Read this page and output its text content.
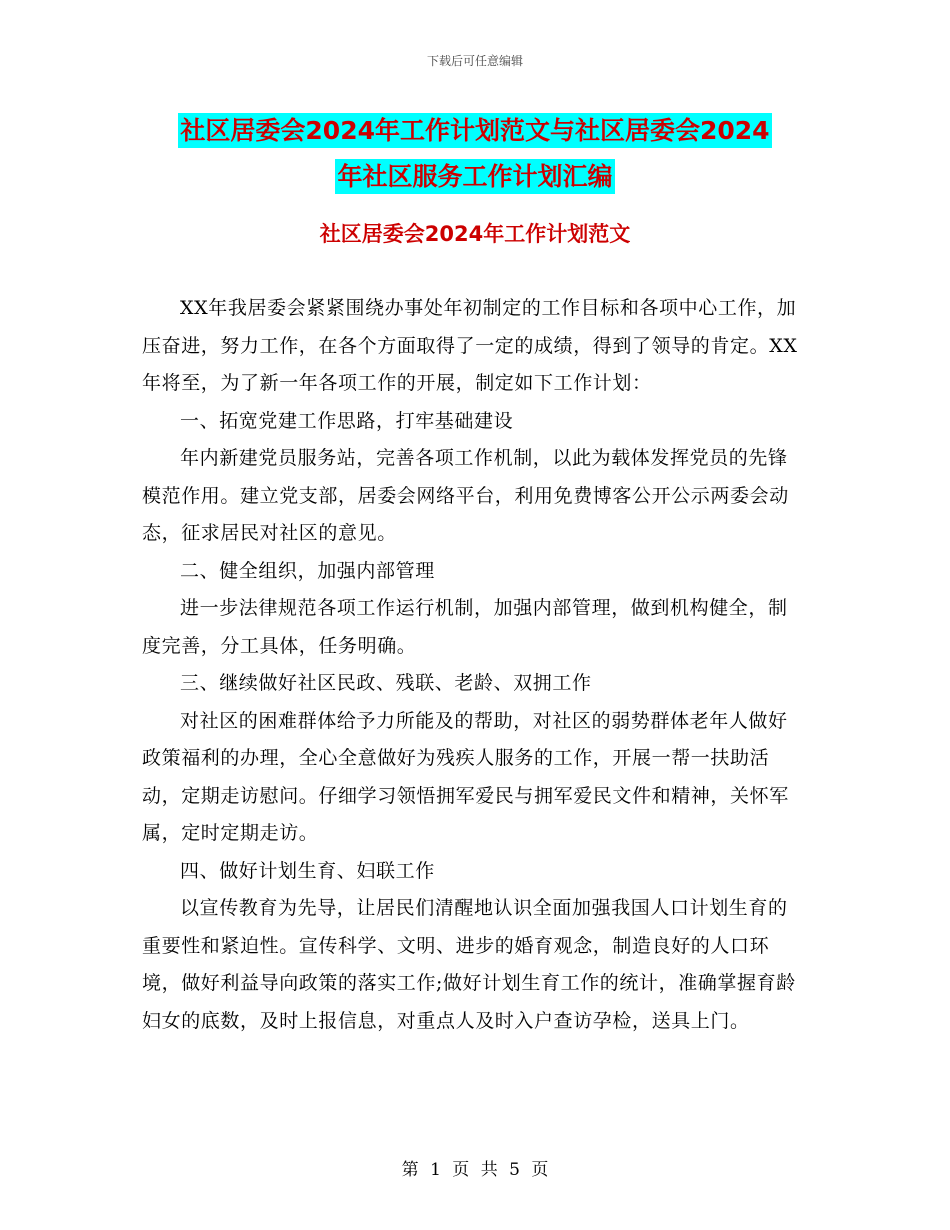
下载后可任意编辑
社区居委会2024年工作计划范文与社区居委会2024
年社区服务工作计划汇编
社区居委会2024年工作计划范文

XX年我居委会紧紧围绕办事处年初制定的工作目标和各项中心工作，加压奋进，努力工作，在各个方面取得了一定的成绩，得到了领导的肯定。XX年将至，为了新一年各项工作的开展，制定如下工作计划：

一、拓宽党建工作思路，打牢基础建设

年内新建党员服务站，完善各项工作机制，以此为载体发挥党员的先锋模范作用。建立党支部，居委会网络平台，利用免费博客公开公示两委会动态，征求居民对社区的意见。

二、健全组织，加强内部管理

进一步法律规范各项工作运行机制，加强内部管理，做到机构健全，制度完善，分工具体，任务明确。

三、继续做好社区民政、残联、老龄、双拥工作

对社区的困难群体给予力所能及的帮助，对社区的弱势群体老年人做好政策福利的办理，全心全意做好为残疾人服务的工作，开展一帮一扶助活动，定期走访慰问。仔细学习领悟拥军爱民与拥军爱民文件和精神，关怀军属，定时定期走访。

四、做好计划生育、妇联工作

以宣传教育为先导，让居民们清醒地认识全面加强我国人口计划生育的重要性和紧迫性。宣传科学、文明、进步的婚育观念，制造良好的人口环境，做好利益导向政策的落实工作;做好计划生育工作的统计，准确掌握育龄妇女的底数，及时上报信息，对重点人及时入户查访孕检，送具上门。

第 1 页 共 5 页
